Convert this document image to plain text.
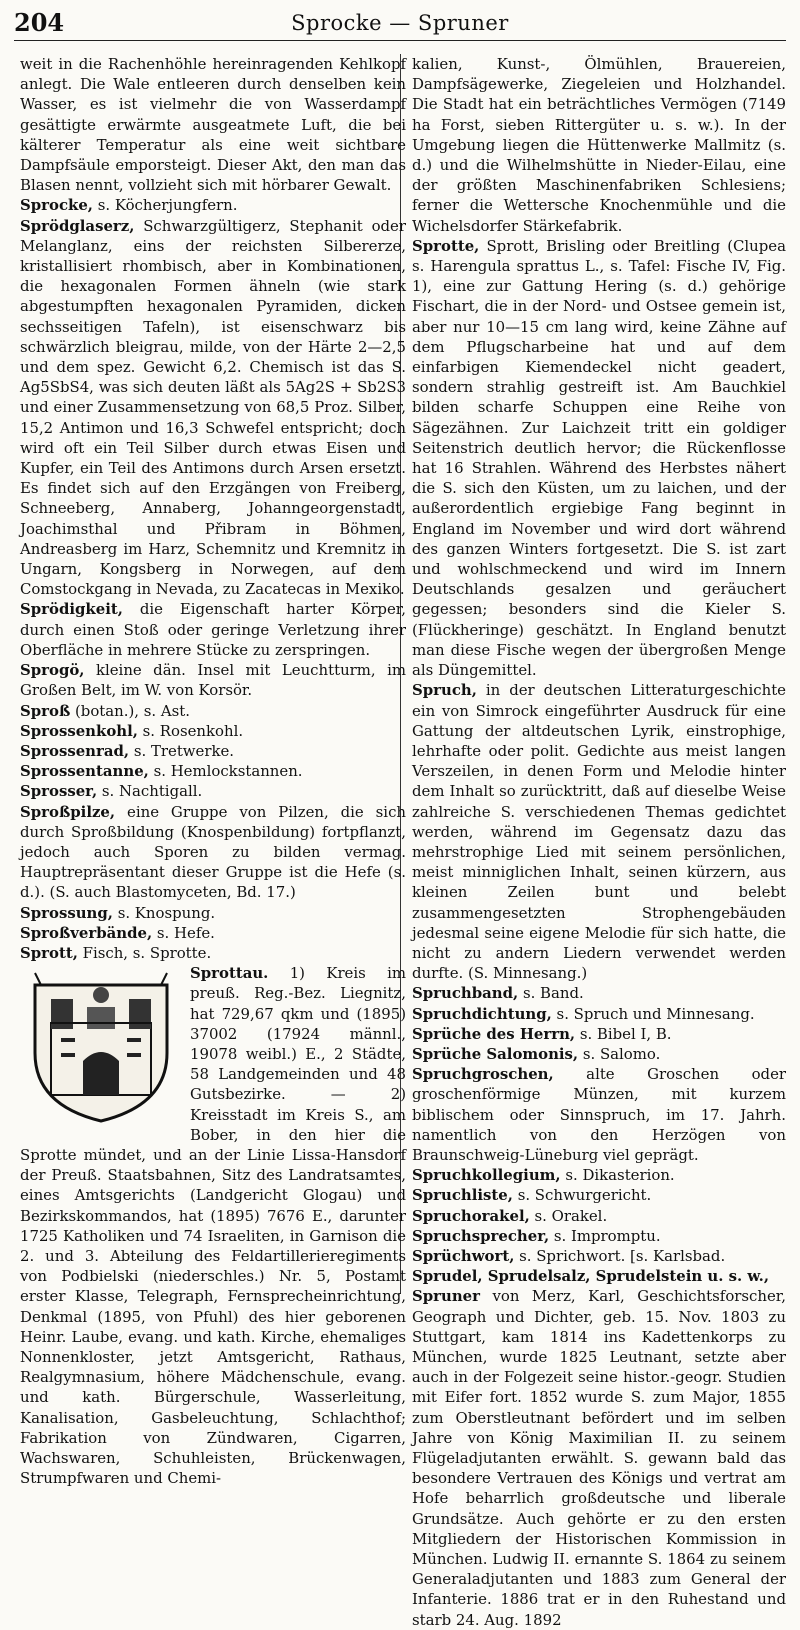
204	Sprocke — Spruner

weit in die Rachenhöhle hereinragenden Kehlkopf anlegt. Die Wale entleeren durch denselben kein Wasser, es ist vielmehr die von Wasserdampf gesättigte erwärmte ausgeatmete Luft, die bei kälterer Temperatur als eine weit sichtbare Dampfsäule emporsteigt. Dieser Akt, den man das Blasen nennt, vollzieht sich mit hörbarer Gewalt.

Sprocke, s. Köcherjungfern.

Sprödglaserz, Schwarzgültigerz, Stephanit oder Melanglanz, eins der reichsten Silbererze, kristallisiert rhombisch, aber in Kombinationen, die hexagonalen Formen ähneln (wie stark abgestumpften hexagonalen Pyramiden, dicken sechsseitigen Tafeln), ist eisenschwarz bis schwärzlich bleigrau, milde, von der Härte 2—2,5 und dem spez. Gewicht 6,2. Chemisch ist das S. Ag5SbS4, was sich deuten läßt als 5Ag2S + Sb2S3 und einer Zusammensetzung von 68,5 Proz. Silber, 15,2 Antimon und 16,3 Schwefel entspricht; doch wird oft ein Teil Silber durch etwas Eisen und Kupfer, ein Teil des Antimons durch Arsen ersetzt. Es findet sich auf den Erzgängen von Freiberg, Schneeberg, Annaberg, Johanngeorgenstadt, Joachimsthal und Přibram in Böhmen, Andreasberg im Harz, Schemnitz und Kremnitz in Ungarn, Kongsberg in Norwegen, auf dem Comstockgang in Nevada, zu Zacatecas in Mexiko.

Sprödigkeit, die Eigenschaft harter Körper, durch einen Stoß oder geringe Verletzung ihrer Oberfläche in mehrere Stücke zu zerspringen.

Sprogö, kleine dän. Insel mit Leuchtturm, im Großen Belt, im W. von Korsör.

Sproß (botan.), s. Ast.

Sprossenkohl, s. Rosenkohl.

Sprossenrad, s. Tretwerke.

Sprossentanne, s. Hemlockstannen.

Sprosser, s. Nachtigall.

Sproßpilze, eine Gruppe von Pilzen, die sich durch Sproßbildung (Knospenbildung) fortpflanzt, jedoch auch Sporen zu bilden vermag. Hauptrepräsentant dieser Gruppe ist die Hefe (s. d.). (S. auch Blastomyceten, Bd. 17.)

Sprossung, s. Knospung.

Sproßverbände, s. Hefe.

Sprott, Fisch, s. Sprotte.

Sprottau. 1) Kreis im preuß. Reg.-Bez. Liegnitz, hat 729,67 qkm und (1895) 37002 (17924 männl., 19078 weibl.) E., 2 Städte, 58 Landgemeinden und 48 Gutsbezirke. — 2) Kreisstadt im Kreis S., am Bober, in den hier die Sprotte mündet, und an der Linie Lissa-Hansdorf der Preuß. Staatsbahnen, Sitz des Landratsamtes, eines Amtsgerichts (Landgericht Glogau) und Bezirkskommandos, hat (1895) 7676 E., darunter 1725 Katholiken und 74 Israeliten, in Garnison die 2. und 3. Abteilung des Feldartillerieregiments von Podbielski (niederschles.) Nr. 5, Postamt erster Klasse, Telegraph, Fernsprecheinrichtung, Denkmal (1895, von Pfuhl) des hier geborenen Heinr. Laube, evang. und kath. Kirche, ehemaliges Nonnenkloster, jetzt Amtsgericht, Rathaus, Realgymnasium, höhere Mädchenschule, evang. und kath. Bürgerschule, Wasserleitung, Kanalisation, Gasbeleuchtung, Schlachthof; Fabrikation von Zündwaren, Cigarren, Wachswaren, Schuhleisten, Brückenwagen, Strumpfwaren und Chemi-

kalien, Kunst-, Ölmühlen, Brauereien, Dampfsägewerke, Ziegeleien und Holzhandel. Die Stadt hat ein beträchtliches Vermögen (7149 ha Forst, sieben Rittergüter u. s. w.). In der Umgebung liegen die Hüttenwerke Mallmitz (s. d.) und die Wilhelmshütte in Nieder-Eilau, eine der größten Maschinenfabriken Schlesiens; ferner die Wettersche Knochenmühle und die Wichelsdorfer Stärkefabrik.

Sprotte, Sprott, Brisling oder Breitling (Clupea s. Harengula sprattus L., s. Tafel: Fische IV, Fig. 1), eine zur Gattung Hering (s. d.) gehörige Fischart, die in der Nord- und Ostsee gemein ist, aber nur 10—15 cm lang wird, keine Zähne auf dem Pflugscharbeine hat und auf dem einfarbigen Kiemendeckel nicht geadert, sondern strahlig gestreift ist. Am Bauchkiel bilden scharfe Schuppen eine Reihe von Sägezähnen. Zur Laichzeit tritt ein goldiger Seitenstrich deutlich hervor; die Rückenflosse hat 16 Strahlen. Während des Herbstes nähert die S. sich den Küsten, um zu laichen, und der außerordentlich ergiebige Fang beginnt in England im November und wird dort während des ganzen Winters fortgesetzt. Die S. ist zart und wohlschmeckend und wird im Innern Deutschlands gesalzen und geräuchert gegessen; besonders sind die Kieler S. (Flückheringe) geschätzt. In England benutzt man diese Fische wegen der übergroßen Menge als Düngemittel.

Spruch, in der deutschen Litteraturgeschichte ein von Simrock eingeführter Ausdruck für eine Gattung der altdeutschen Lyrik, einstrophige, lehrhafte oder polit. Gedichte aus meist langen Verszeilen, in denen Form und Melodie hinter dem Inhalt so zurücktritt, daß auf dieselbe Weise zahlreiche S. verschiedenen Themas gedichtet werden, während im Gegensatz dazu das mehrstrophige Lied mit seinem persönlichen, meist minniglichen Inhalt, seinen kürzern, aus kleinen Zeilen bunt und belebt zusammengesetzten Strophengebäuden jedesmal seine eigene Melodie für sich hatte, die nicht zu andern Liedern verwendet werden durfte. (S. Minnesang.)

Spruchband, s. Band.

Spruchdichtung, s. Spruch und Minnesang.

Sprüche des Herrn, s. Bibel I, B.

Sprüche Salomonis, s. Salomo.

Spruchgroschen, alte Groschen oder groschenförmige Münzen, mit kurzem biblischem oder Sinnspruch, im 17. Jahrh. namentlich von den Herzögen von Braunschweig-Lüneburg viel geprägt.

Spruchkollegium, s. Dikasterion.

Spruchliste, s. Schwurgericht.

Spruchorakel, s. Orakel.

Spruchsprecher, s. Impromptu.

Sprüchwort, s. Sprichwort. [s. Karlsbad.

Sprudel, Sprudelsalz, Sprudelstein u. s. w.,

Spruner von Merz, Karl, Geschichtsforscher, Geograph und Dichter, geb. 15. Nov. 1803 zu Stuttgart, kam 1814 ins Kadettenkorps zu München, wurde 1825 Leutnant, setzte aber auch in der Folgezeit seine histor.-geogr. Studien mit Eifer fort. 1852 wurde S. zum Major, 1855 zum Oberstleutnant befördert und im selben Jahre von König Maximilian II. zu seinem Flügeladjutanten erwählt. S. gewann bald das besondere Vertrauen des Königs und vertrat am Hofe beharrlich großdeutsche und liberale Grundsätze. Auch gehörte er zu den ersten Mitgliedern der Historischen Kommission in München. Ludwig II. ernannte S. 1864 zu seinem Generaladjutanten und 1883 zum General der Infanterie. 1886 trat er in den Ruhestand und starb 24. Aug. 1892
